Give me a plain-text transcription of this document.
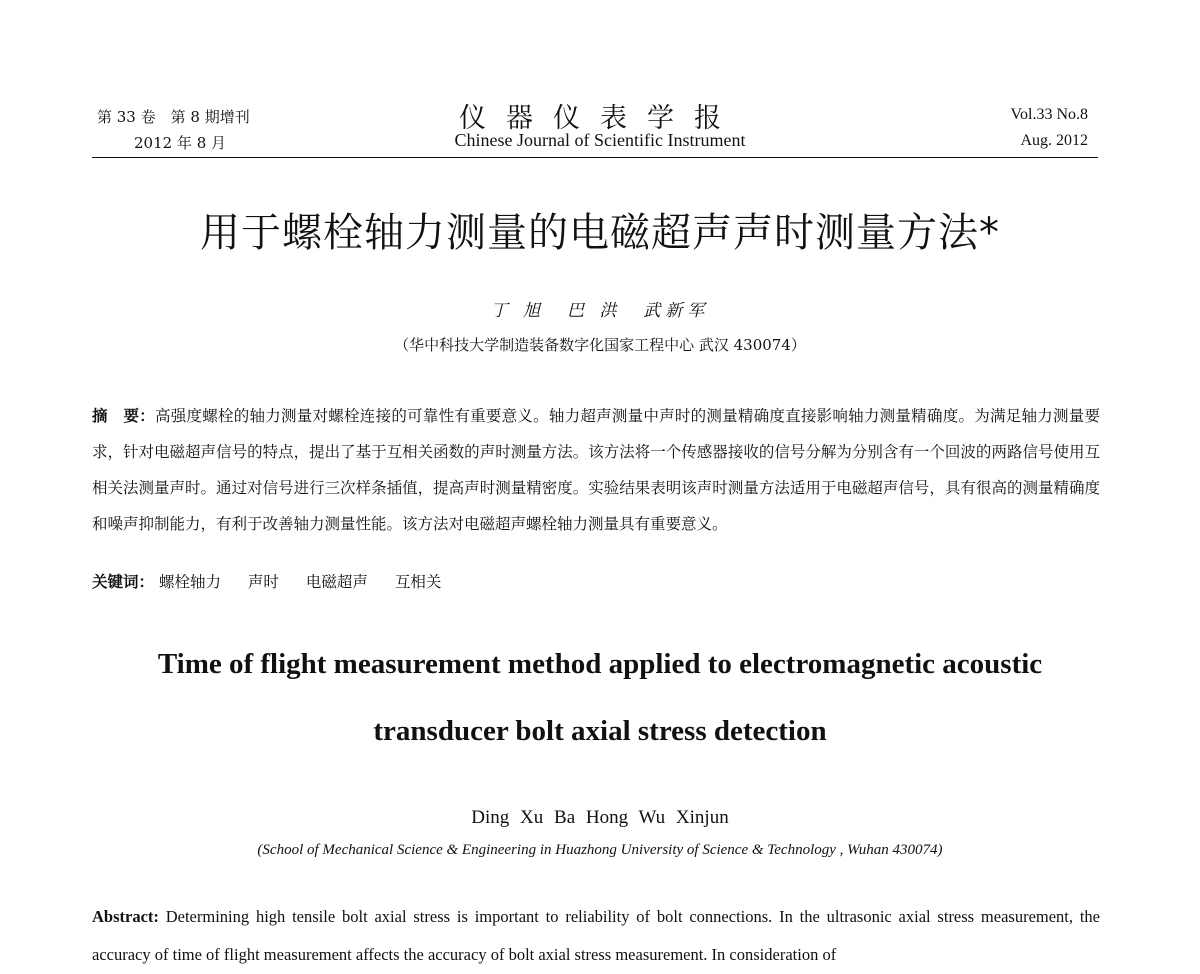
第 33 卷　第 8 期增刊
2012 年 8 月
仪器仪表学报
Chinese Journal of Scientific Instrument
Vol.33 No.8
Aug. 2012
用于螺栓轴力测量的电磁超声声时测量方法*
丁 旭　巴 洪　武新军
（华中科技大学制造装备数字化国家工程中心 武汉 430074）
摘　要：高强度螺栓的轴力测量对螺栓连接的可靠性有重要意义。轴力超声测量中声时的测量精确度直接影响轴力测量精确度。为满足轴力测量要求，针对电磁超声信号的特点，提出了基于互相关函数的声时测量方法。该方法将一个传感器接收的信号分解为分别含有一个回波的两路信号使用互相关法测量声时。通过对信号进行三次样条插值，提高声时测量精密度。实验结果表明该声时测量方法适用于电磁超声信号，具有很高的测量精确度和噪声抑制能力，有利于改善轴力测量性能。该方法对电磁超声螺栓轴力测量具有重要意义。
关键词： 螺栓轴力 声时 电磁超声 互相关
Time of flight measurement method applied to electromagnetic acoustic
transducer bolt axial stress detection
Ding Xu Ba Hong Wu Xinjun
(School of Mechanical Science & Engineering in Huazhong University of Science & Technology , Wuhan 430074)
Abstract: Determining high tensile bolt axial stress is important to reliability of bolt connections. In the ultrasonic axial stress measurement, the accuracy of time of flight measurement affects the accuracy of bolt axial stress measurement. In consideration of
